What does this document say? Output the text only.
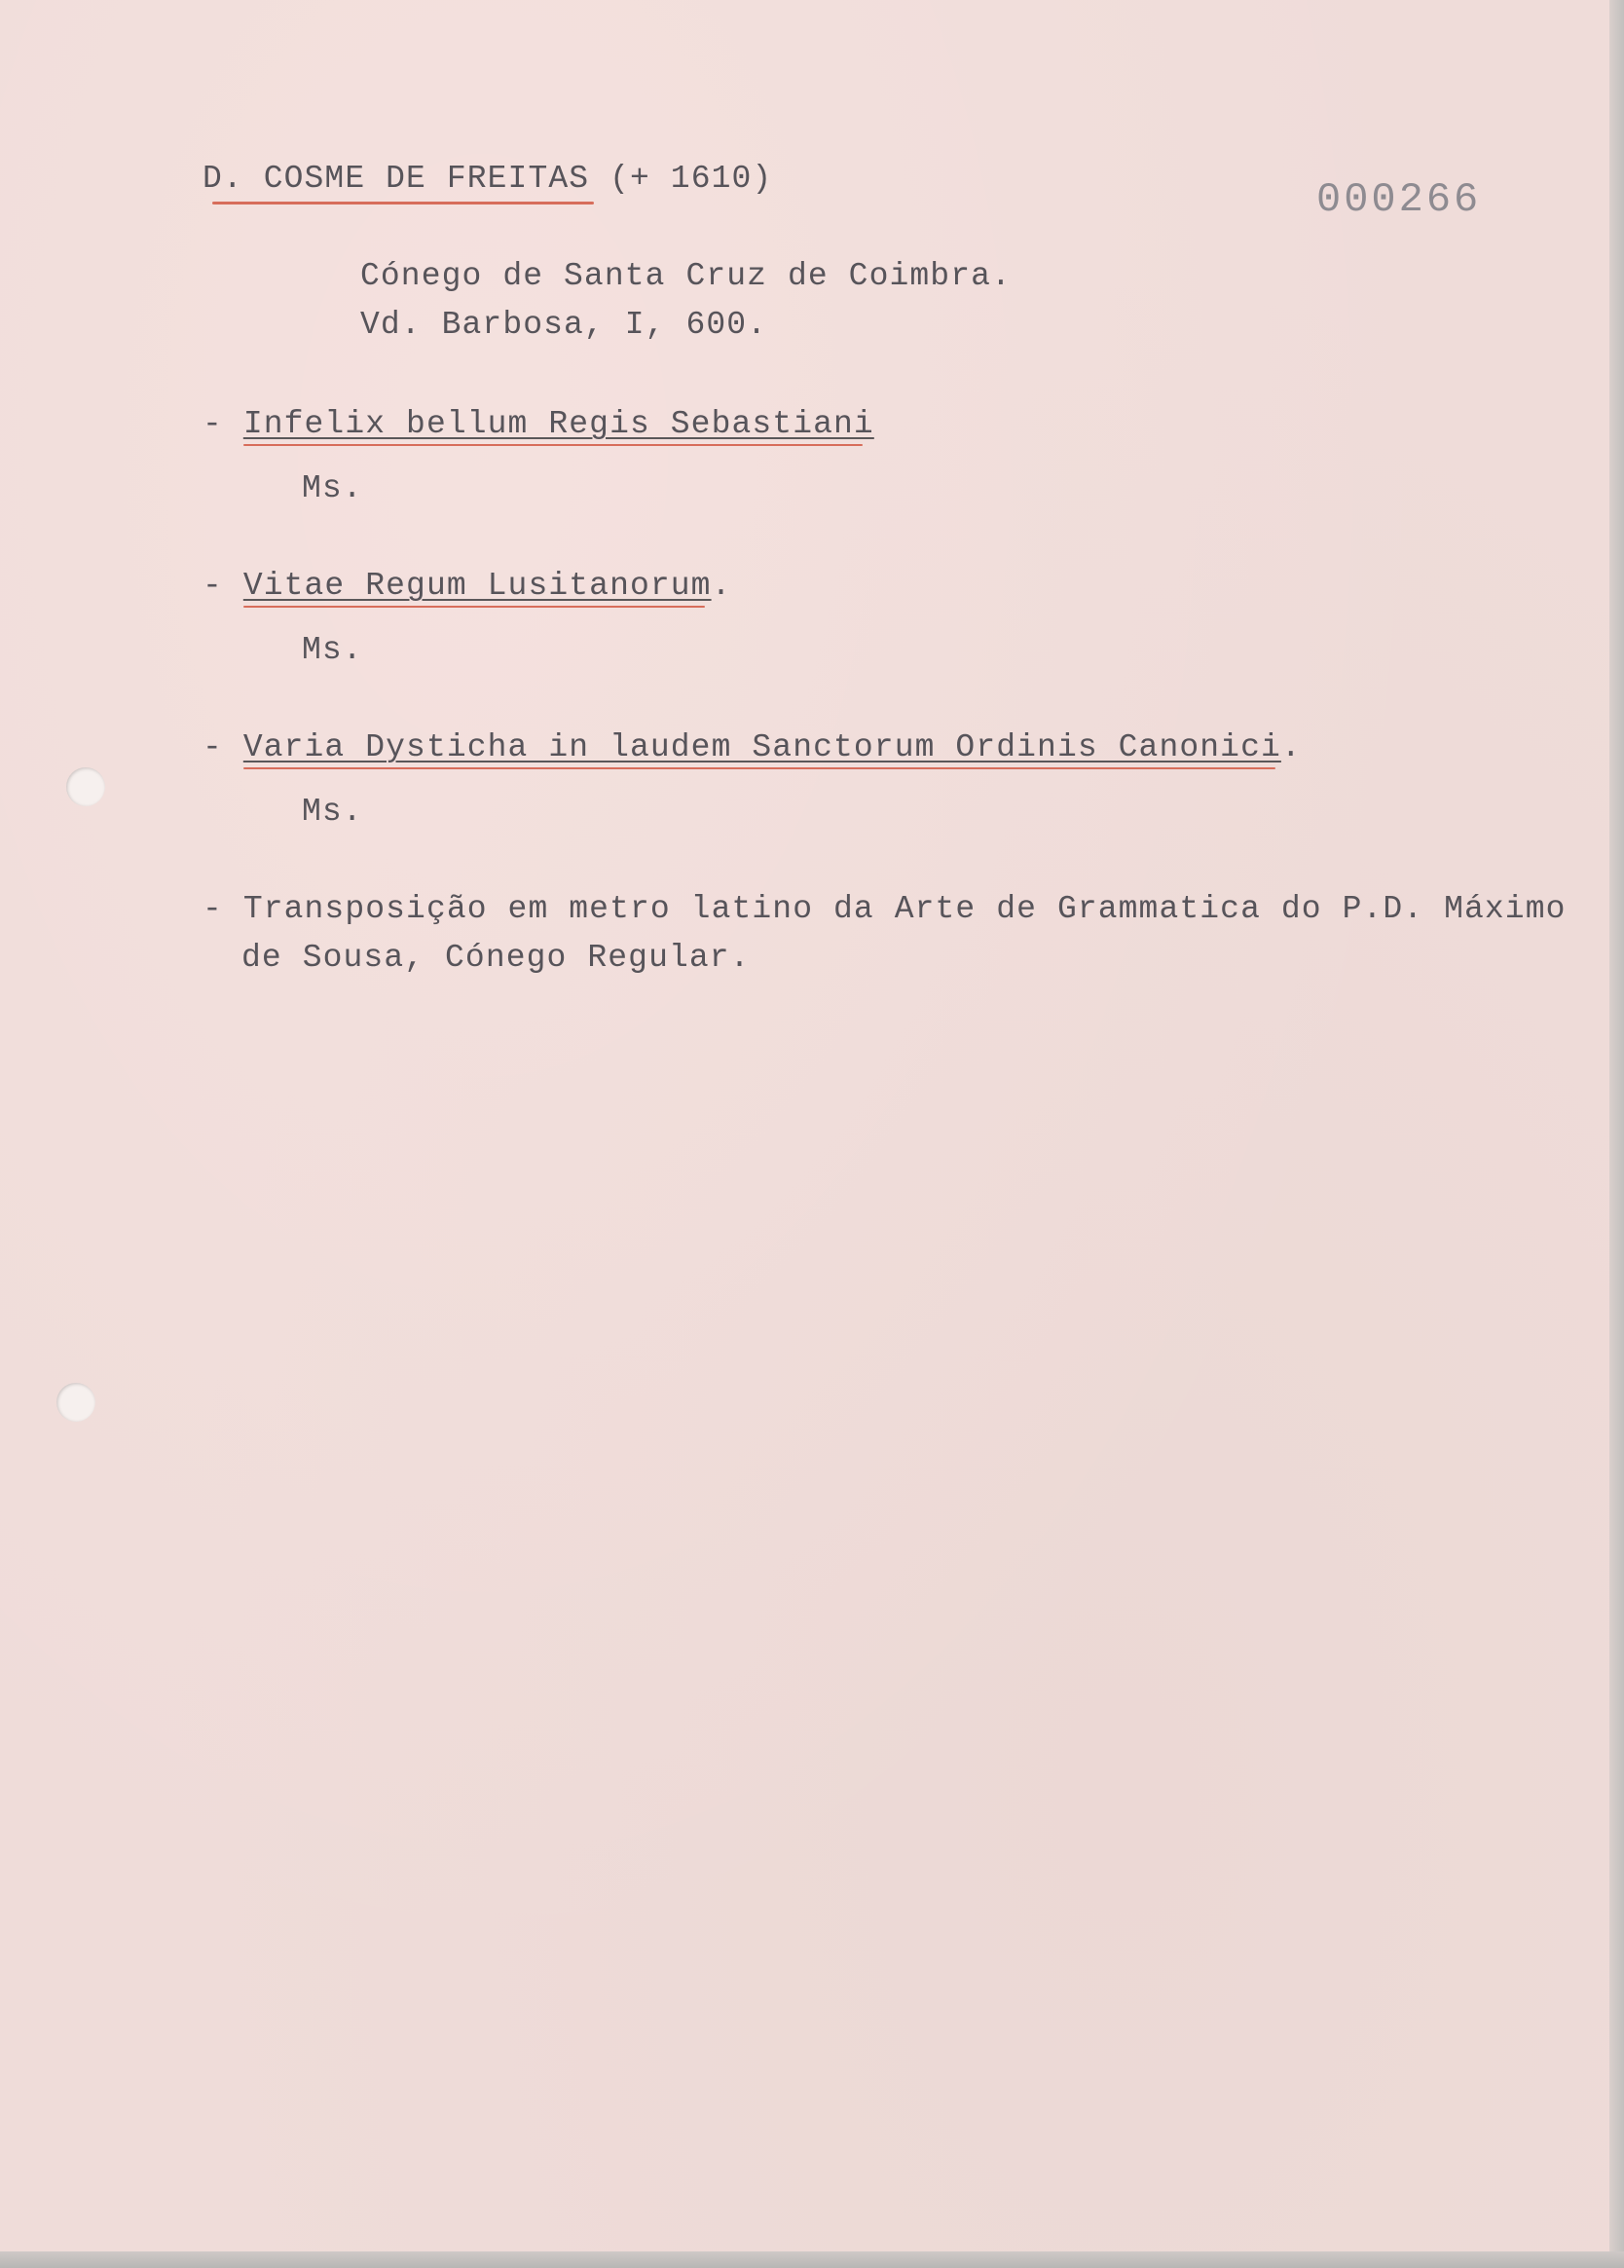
D. COSME DE FREITAS (+ 1610)	000266
Cónego de Santa Cruz de Coimbra.
Vd. Barbosa, I, 600.
- Infelix bellum Regis Sebastiani
Ms.
- Vitae Regum Lusitanorum.
Ms.
- Varia Dysticha in laudem Sanctorum Ordinis Canonici.
Ms.
- Transposição em metro latino da Arte de Grammatica do P.D. Máximo
de Sousa, Cónego Regular.
